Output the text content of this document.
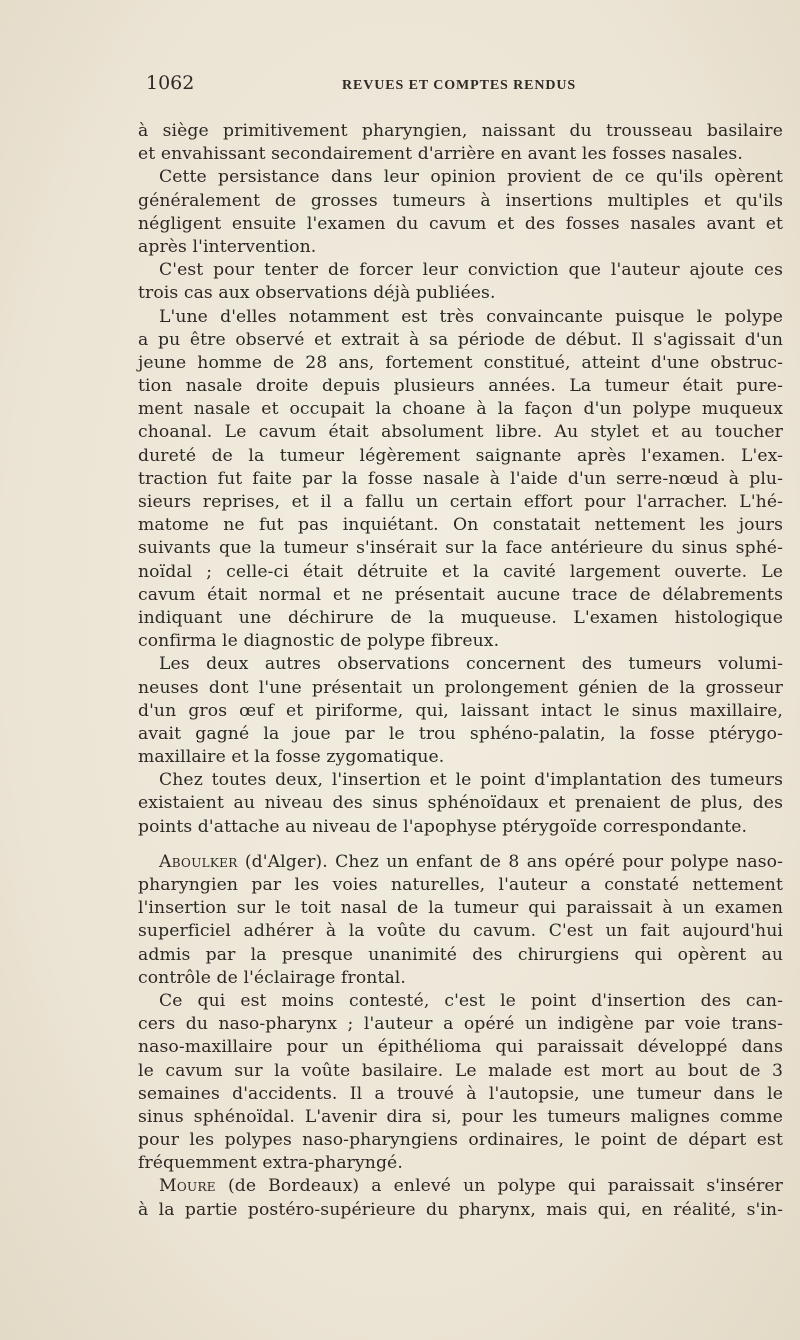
1062	REVUES ET COMPTES RENDUS
à siège primitivement pharyngien, naissant du trousseau basilaire
et envahissant secondairement d'arrière en avant les fosses nasales.
Cette persistance dans leur opinion provient de ce qu'ils opèrent
généralement de grosses tumeurs à insertions multiples et qu'ils
négligent ensuite l'examen du cavum et des fosses nasales avant et
après l'intervention.
C'est pour tenter de forcer leur conviction que l'auteur ajoute ces
trois cas aux observations déjà publiées.
L'une d'elles notamment est très convaincante puisque le polype
a pu être observé et extrait à sa période de début. Il s'agissait d'un
jeune homme de 28 ans, fortement constitué, atteint d'une obstruc-
tion nasale droite depuis plusieurs années. La tumeur était pure-
ment nasale et occupait la choane à la façon d'un polype muqueux
choanal. Le cavum était absolument libre. Au stylet et au toucher
dureté de la tumeur légèrement saignante après l'examen. L'ex-
traction fut faite par la fosse nasale à l'aide d'un serre-nœud à plu-
sieurs reprises, et il a fallu un certain effort pour l'arracher. L'hé-
matome ne fut pas inquiétant. On constatait nettement les jours
suivants que la tumeur s'insérait sur la face antérieure du sinus sphé-
noïdal ; celle-ci était détruite et la cavité largement ouverte. Le
cavum était normal et ne présentait aucune trace de délabrements
indiquant une déchirure de la muqueuse. L'examen histologique
confirma le diagnostic de polype fibreux.
Les deux autres observations concernent des tumeurs volumi-
neuses dont l'une présentait un prolongement génien de la grosseur
d'un gros œuf et piriforme, qui, laissant intact le sinus maxillaire,
avait gagné la joue par le trou sphéno-palatin, la fosse ptérygo-
maxillaire et la fosse zygomatique.
Chez toutes deux, l'insertion et le point d'implantation des tumeurs
existaient au niveau des sinus sphénoïdaux et prenaient de plus, des
points d'attache au niveau de l'apophyse ptérygoïde correspondante.
Aboulker (d'Alger). Chez un enfant de 8 ans opéré pour polype naso-
pharyngien par les voies naturelles, l'auteur a constaté nettement
l'insertion sur le toit nasal de la tumeur qui paraissait à un examen
superficiel adhérer à la voûte du cavum. C'est un fait aujourd'hui
admis par la presque unanimité des chirurgiens qui opèrent au
contrôle de l'éclairage frontal.
Ce qui est moins contesté, c'est le point d'insertion des can-
cers du naso-pharynx ; l'auteur a opéré un indigène par voie trans-
naso-maxillaire pour un épithélioma qui paraissait développé dans
le cavum sur la voûte basilaire. Le malade est mort au bout de 3
semaines d'accidents. Il a trouvé à l'autopsie, une tumeur dans le
sinus sphénoïdal. L'avenir dira si, pour les tumeurs malignes comme
pour les polypes naso-pharyngiens ordinaires, le point de départ est
fréquemment extra-pharyngé.
Moure (de Bordeaux) a enlevé un polype qui paraissait s'insérer
à la partie postéro-supérieure du pharynx, mais qui, en réalité, s'in-
